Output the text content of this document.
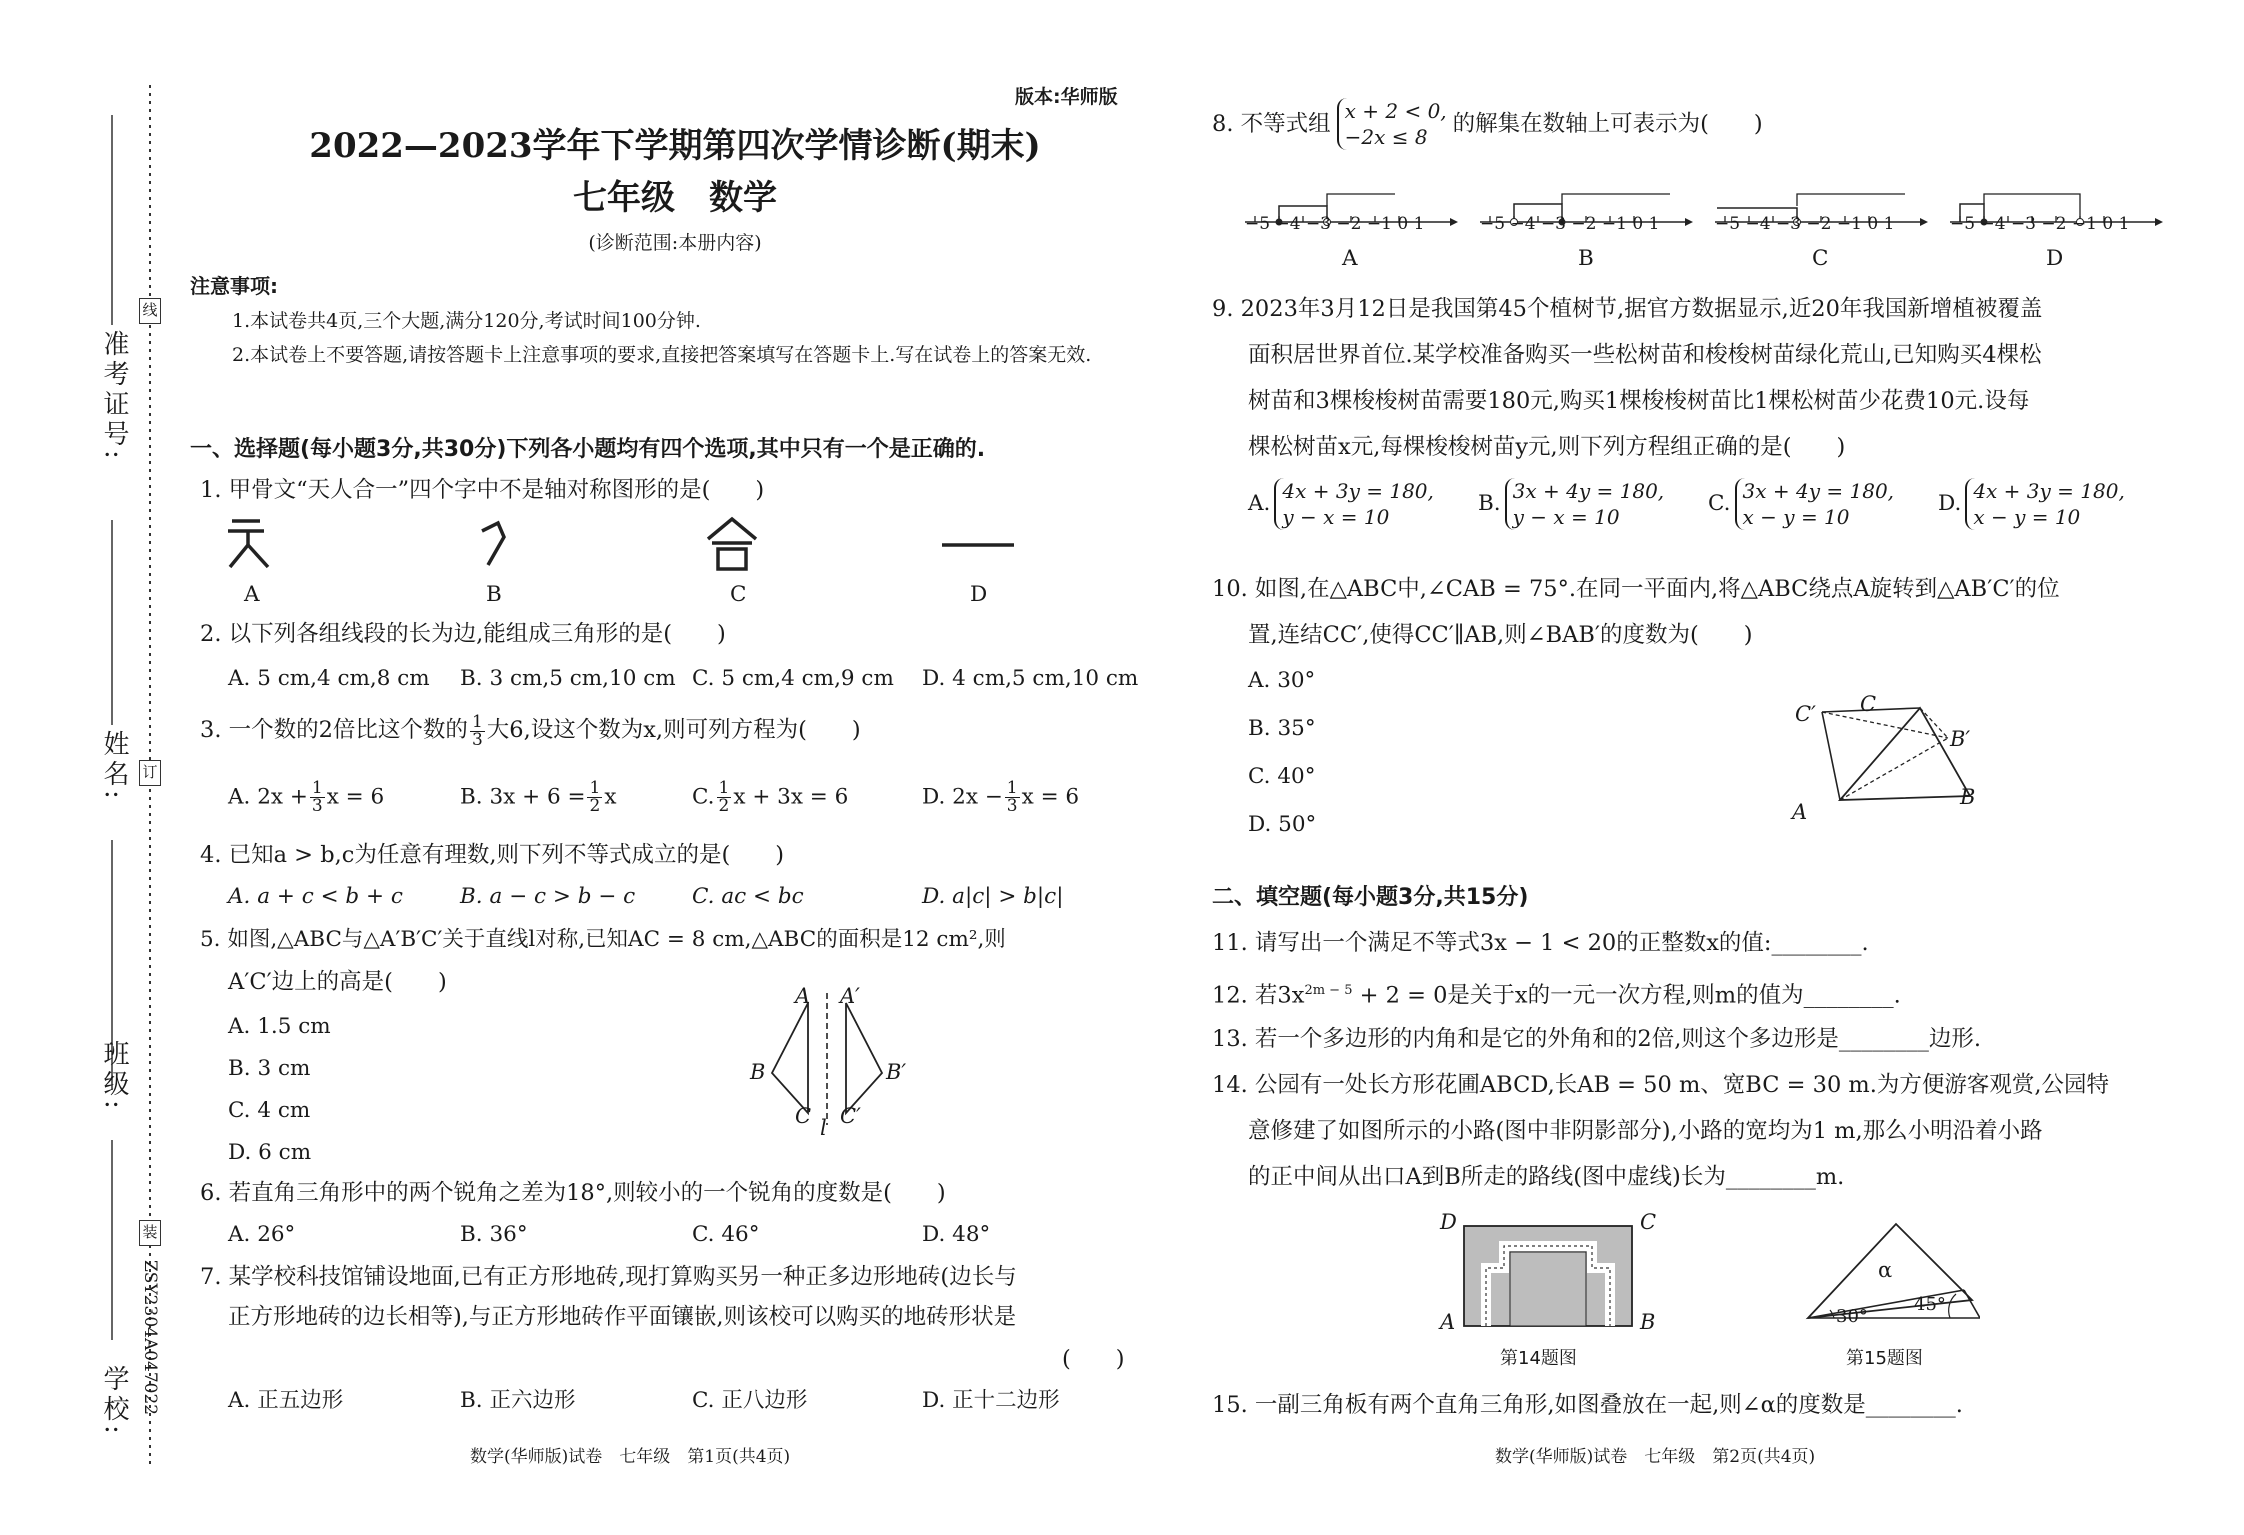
准考证号:
姓名:
班级:
学校: ZSY2304A047022
线
订
装
版本:华师版
2022—2023学年下学期第四次学情诊断(期末)
七年级　数学
(诊断范围:本册内容)
注意事项:
1.本试卷共4页,三个大题,满分120分,考试时间100分钟.
2.本试卷上不要答题,请按答题卡上注意事项的要求,直接把答案填写在答题卡上.写在试卷上的答案无效.
一、选择题(每小题3分,共30分)下列各小题均有四个选项,其中只有一个是正确的.
1. 甲骨文“天人合一”四个字中不是轴对称图形的是(　　)
A	B	C	D
2. 以下列各组线段的长为边,能组成三角形的是(　　)
A. 5 cm,4 cm,8 cm B. 3 cm,5 cm,10 cm C. 5 cm,4 cm,9 cm D. 4 cm,5 cm,10 cm
3. 一个数的2倍比这个数的 $\frac{1}{3}$ 大6,设这个数为x,则可列方程为(　　)
A. $2x + \frac{1}{3}$ x = 6	B. $3x + 6 = \frac{1}{2}$ x	C. $\frac{1}{2}$ x + 3x = 6	D. $2x - \frac{1}{3}$ x = 6
4. 已知a > b,c为任意有理数,则下列不等式成立的是(　　)
A. a + c < b + c	B. a − c > b − c	C. ac < bc	D. a|c| > b|c|
5. 如图,△ABC与△A′B′C′关于直线l对称,已知AC = 8 cm,△ABC的面积是12 cm²,则
A′C′边上的高是(　　)
A. 1.5 cm
B. 3 cm
C. 4 cm
D. 6 cm
A A′
B	B′
C C′
l
6. 若直角三角形中的两个锐角之差为18°,则较小的一个锐角的度数是(　　)
A. 26°	B. 36°	C. 46°	D. 48°
7. 某学校科技馆铺设地面,已有正方形地砖,现打算购买另一种正多边形地砖(边长与
正方形地砖的边长相等),与正方形地砖作平面镶嵌,则该校可以购买的地砖形状是
(　　)
A. 正五边形	B. 正六边形	C. 正八边形	D. 正十二边形
数学(华师版)试卷　七年级　第1页(共4页)
8. 不等式组 x + 2 < 0,
−2x ≤ 8	的解集在数轴上可表示为(　　)
−5 −4 −3 −2 −1 0 1	−5 −4 −3 −2 −1 0 1	−5 −4 −3 −2 −1 0 1	−5 −4 −3 −2 −1 0 1
A	B	C	D
9. 2023年3月12日是我国第45个植树节,据官方数据显示,近20年我国新增植被覆盖
面积居世界首位.某学校准备购买一些松树苗和梭梭树苗绿化荒山,已知购买4棵松
树苗和3棵梭梭树苗需要180元,购买1棵梭梭树苗比1棵松树苗少花费10元.设每
棵松树苗x元,每棵梭梭树苗y元,则下列方程组正确的是(　　)
A. 4x + 3y = 180,
y − x = 10
B. 3x + 4y = 180,
y − x = 10
C. 3x + 4y = 180,
x − y = 10
D. 4x + 3y = 180,
x − y = 10
10. 如图,在△ABC中,∠CAB = 75°.在同一平面内,将△ABC绕点A旋转到△AB′C′的位
置,连结CC′,使得CC′∥AB,则∠BAB′的度数为(　　)
A. 30°
B. 35°
C. 40°
D. 50°	A
B
C
C′
B′
二、填空题(每小题3分,共15分)
11. 请写出一个满足不等式3x − 1 < 20的正整数x的值:________.
12. 若$3x^{2m - 5} + 2 = 0$是关于x的一元一次方程,则m的值为________.
13. 若一个多边形的内角和是它的外角和的2倍,则这个多边形是________边形.
14. 公园有一处长方形花圃ABCD,长AB = 50 m、宽BC = 30 m.为方便游客观赏,公园特
意修建了如图所示的小路(图中非阴影部分),小路的宽均为1 m,那么小明沿着小路
的正中间从出口A到B所走的路线(图中虚线)长为________m.
D	C
A	B
第14题图
α
30°
45°
第15题图
15. 一副三角板有两个直角三角形,如图叠放在一起,则∠α的度数是________.
数学(华师版)试卷　七年级　第2页(共4页)
